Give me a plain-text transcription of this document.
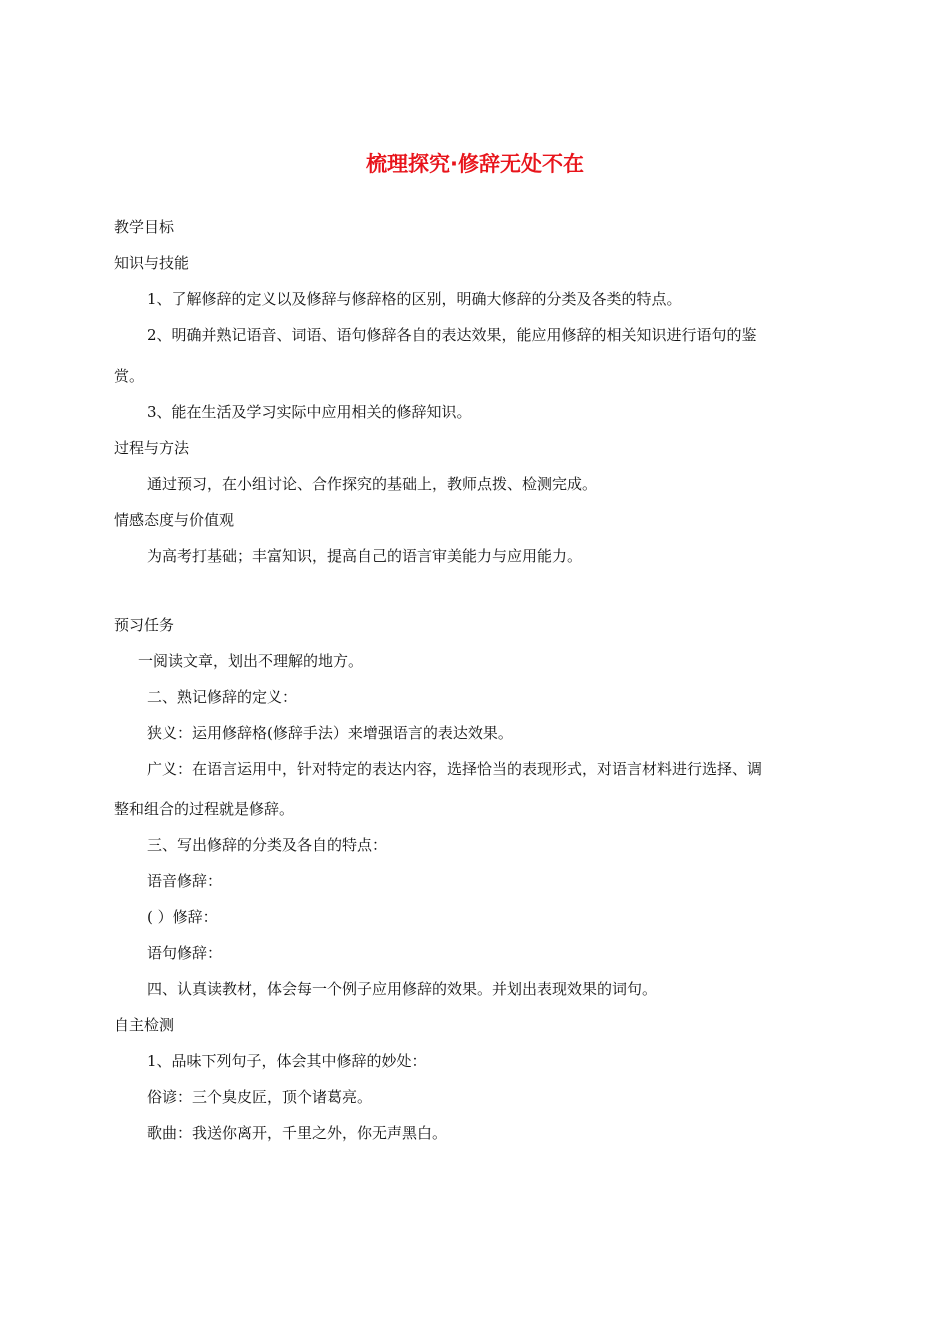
梳理探究·修辞无处不在
教学目标
知识与技能
1、了解修辞的定义以及修辞与修辞格的区别，明确大修辞的分类及各类的特点。
2、明确并熟记语音、词语、语句修辞各自的表达效果，能应用修辞的相关知识进行语句的鉴
赏。
3、能在生活及学习实际中应用相关的修辞知识。
过程与方法
通过预习，在小组讨论、合作探究的基础上，教师点拨、检测完成。
情感态度与价值观
为高考打基础；丰富知识，提高自己的语言审美能力与应用能力。
预习任务
一阅读文章，划出不理解的地方。
二、熟记修辞的定义：
狭义：运用修辞格(修辞手法）来增强语言的表达效果。
广义：在语言运用中，针对特定的表达内容，选择恰当的表现形式，对语言材料进行选择、调
整和组合的过程就是修辞。
三、写出修辞的分类及各自的特点：
语音修辞：
( ）修辞：
语句修辞：
四、认真读教材，体会每一个例子应用修辞的效果。并划出表现效果的词句。
自主检测
1、品味下列句子，体会其中修辞的妙处：
俗谚：三个臭皮匠，顶个诸葛亮。
歌曲：我送你离开，千里之外，你无声黑白。
